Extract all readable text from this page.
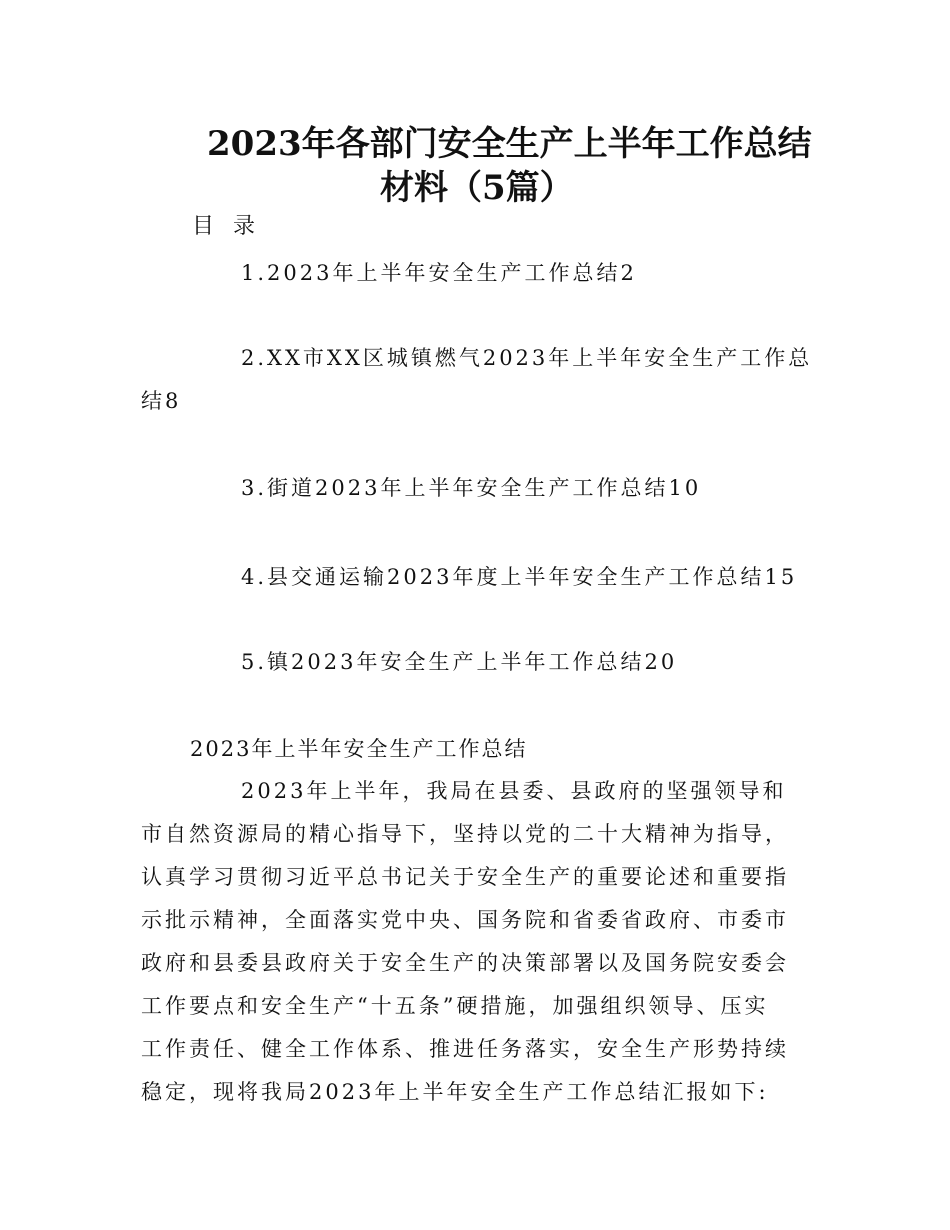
2023年各部门安全生产上半年工作总结
材料（5篇）
目 录
1.2023年上半年安全生产工作总结2
2.XX市XX区城镇燃气2023年上半年安全生产工作总
结8
3.街道2023年上半年安全生产工作总结10
4.县交通运输2023年度上半年安全生产工作总结15
5.镇2023年安全生产上半年工作总结20
2023年上半年安全生产工作总结
2023年上半年，我局在县委、县政府的坚强领导和
市自然资源局的精心指导下，坚持以党的二十大精神为指导，
认真学习贯彻习近平总书记关于安全生产的重要论述和重要指
示批示精神，全面落实党中央、国务院和省委省政府、市委市
政府和县委县政府关于安全生产的决策部署以及国务院安委会
工作要点和安全生产“十五条”硬措施，加强组织领导、压实
工作责任、健全工作体系、推进任务落实，安全生产形势持续
稳定，现将我局2023年上半年安全生产工作总结汇报如下:
